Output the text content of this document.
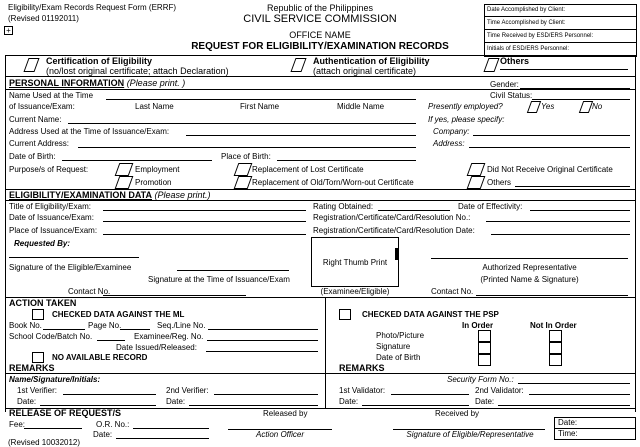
Eligibility/Exam Records Request Form (ERRF)
(Revised 01192011)
+
Republic of the Philippines
CIVIL SERVICE COMMISSION
OFFICE NAME
REQUEST FOR ELIGIBILITY/EXAMINATION RECORDS
Date Accomplished by Client:
Time Accomplished by Client:
Time Received by ESD/ERS Personnel:
Initials of ESD/ERS Personnel:
Certification of Eligibility
(no/lost original certificate; attach Declaration)
Authentication of Eligibility
(attach original certificate)
Others
PERSONAL INFORMATION (Please print. )
Name Used at the Time
of Issuance/Exam:	Last Name	First Name	Middle Name
Gender:
Civil Status:
Presently employed?	Yes	No
Current Name:	If yes, please specify:
Address Used at the Time of Issuance/Exam:	Company:
Current Address:	Address:
Date of Birth:	Place of Birth:
Purpose/s of Request:	Employment
Promotion
Replacement of Lost Certificate
Replacement of Old/Torn/Worn-out Certificate
Did Not Receive Original Certificate
Others
ELIGIBILITY/EXAMINATION DATA (Please print.)
Title of Eligibility/Exam:	Rating Obtained:	Date of Effectivity:
Date of Issuance/Exam:	Registration/Certificate/Card/Resolution No.:
Place of Issuance/Exam:	Registration/Certificate/Card/Resolution Date:
Requested By:
Right Thumb Print
(Examinee/Eligible)
Signature of the Eligible/Examinee
Signature at the Time of Issuance/Exam
Contact No.
Authorized Representative
(Printed Name & Signature)
Contact No.
ACTION TAKEN
CHECKED DATA AGAINST THE ML
Book No.	Page No.	Seq./Line No.
School Code/Batch No.	Examinee/Reg. No.
Date Issued/Released:
NO AVAILABLE RECORD
CHECKED DATA AGAINST THE PSP
In Order	Not In Order
Photo/Picture
Signature
Date of Birth
REMARKS	REMARKS
Name/Signature/Initials:	Security Form No.:
1st Verifier:	2nd Verifier:
Date:	Date:
1st Validator:	2nd Validator:
Date:	Date:
RELEASE OF REQUEST/S	Released by	Received by
Fee:	O.R. No.:
Date:	Action Officer	Signature of Eligible/Representative
Date:
Time:
(Revised 10032012)
